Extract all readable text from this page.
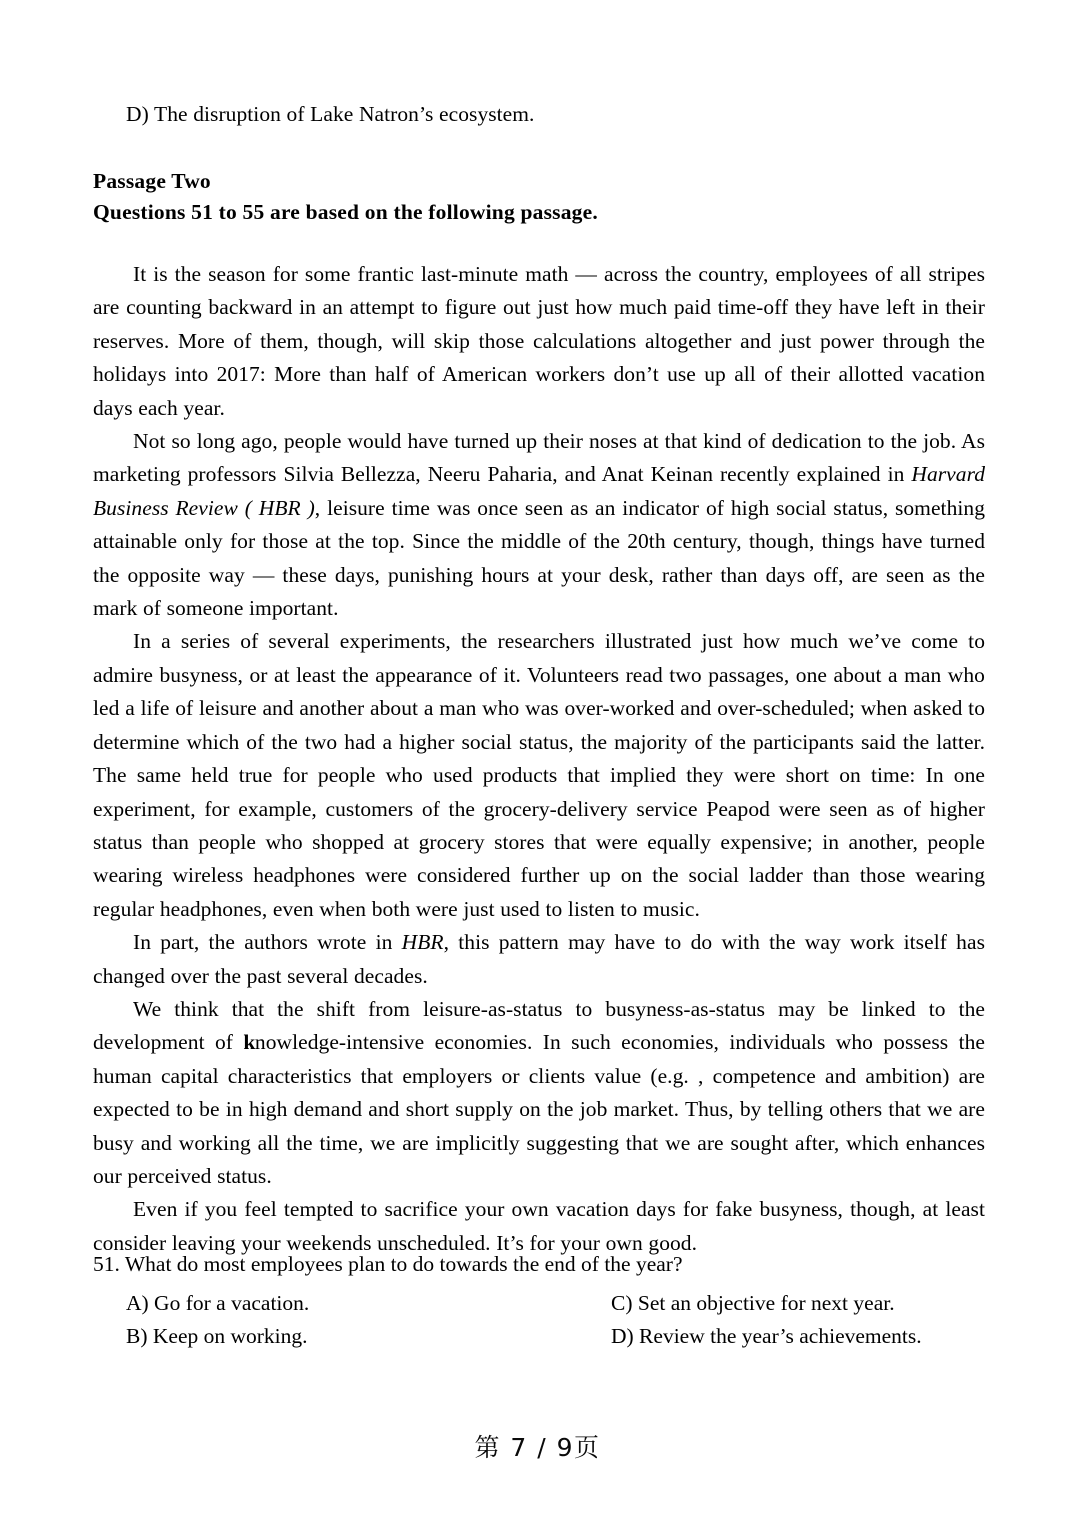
D) The disruption of Lake Natron’s ecosystem.
Passage Two
Questions 51 to 55 are based on the following passage.

It is the season for some frantic last-minute math — across the country, employees of all stripes are counting backward in an attempt to figure out just how much paid time-off they have left in their reserves. More of them, though, will skip those calculations altogether and just power through the holidays into 2017: More than half of American workers don’t use up all of their allotted vacation days each year.

Not so long ago, people would have turned up their noses at that kind of dedication to the job. As marketing professors Silvia Bellezza, Neeru Paharia, and Anat Keinan recently explained in Harvard Business Review ( HBR ), leisure time was once seen as an indicator of high social status, something attainable only for those at the top. Since the middle of the 20th century, though, things have turned the opposite way — these days, punishing hours at your desk, rather than days off, are seen as the mark of someone important.

In a series of several experiments, the researchers illustrated just how much we’ve come to admire busyness, or at least the appearance of it. Volunteers read two passages, one about a man who led a life of leisure and another about a man who was over-worked and over-scheduled; when asked to determine which of the two had a higher social status, the majority of the participants said the latter. The same held true for people who used products that implied they were short on time: In one experiment, for example, customers of the grocery-delivery service Peapod were seen as of higher status than people who shopped at grocery stores that were equally expensive; in another, people wearing wireless headphones were considered further up on the social ladder than those wearing regular headphones, even when both were just used to listen to music.

In part, the authors wrote in HBR, this pattern may have to do with the way work itself has changed over the past several decades.

We think that the shift from leisure-as-status to busyness-as-status may be linked to the development of knowledge-intensive economies. In such economies, individuals who possess the human capital characteristics that employers or clients value (e.g. , competence and ambition) are expected to be in high demand and short supply on the job market. Thus, by telling others that we are busy and working all the time, we are implicitly suggesting that we are sought after, which enhances our perceived status.

Even if you feel tempted to sacrifice your own vacation days for fake busyness, though, at least consider leaving your weekends unscheduled. It’s for your own good.

51. What do most employees plan to do towards the end of the year?

A) Go for a vacation.
B) Keep on working.
C) Set an objective for next year.
D) Review the year’s achievements.
第 7 / 9页
